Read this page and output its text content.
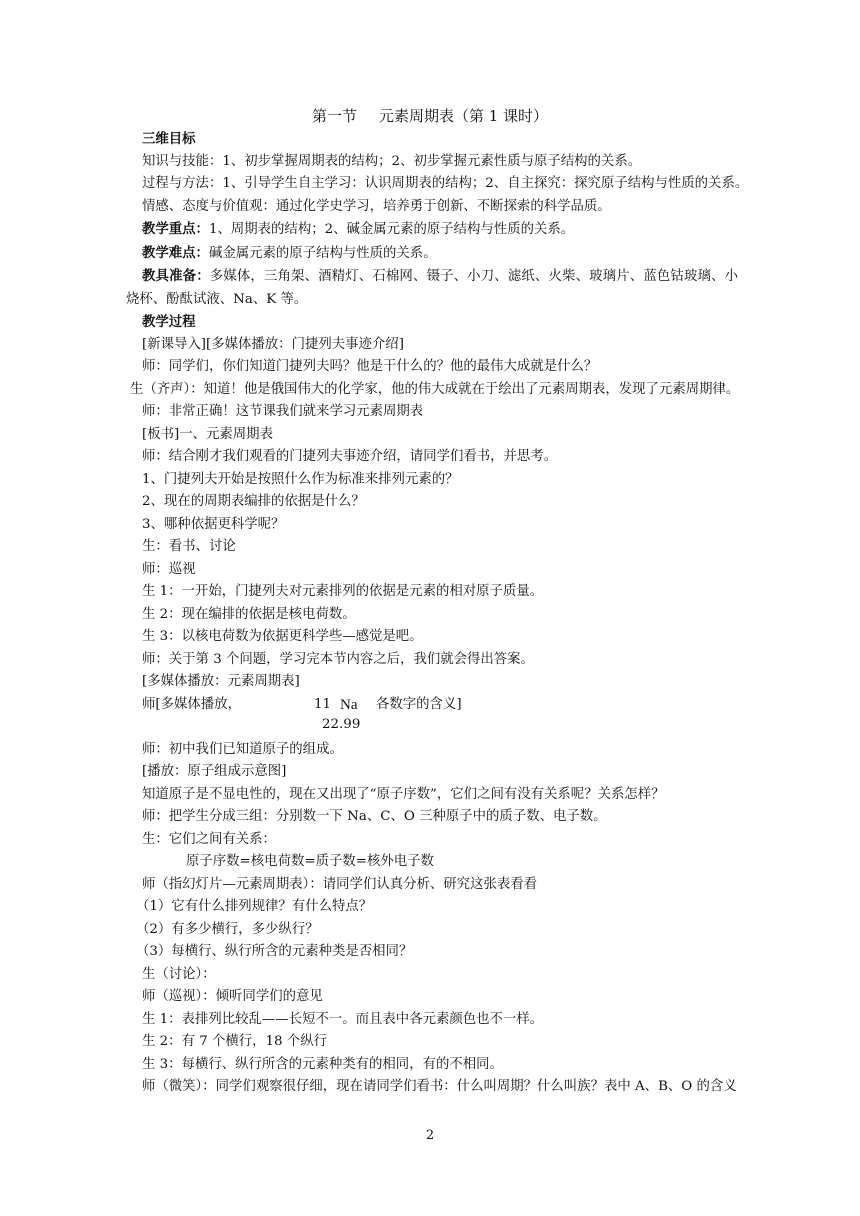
第一节 元素周期表（第 1 课时）

三维目标

知识与技能：1、初步掌握周期表的结构；2、初步掌握元素性质与原子结构的关系。

过程与方法：1、引导学生自主学习：认识周期表的结构；2、自主探究：探究原子结构与性质的关系。

情感、态度与价值观：通过化学史学习，培养勇于创新、不断探索的科学品质。

教学重点：1、周期表的结构；2、碱金属元素的原子结构与性质的关系。

教学难点：碱金属元素的原子结构与性质的关系。

教具准备：多媒体，三角架、酒精灯、石棉网、镊子、小刀、滤纸、火柴、玻璃片、蓝色钴玻璃、小烧杯、酚酞试液、Na、K 等。

教学过程

[新课导入][多媒体播放：门捷列夫事迹介绍]

师：同学们，你们知道门捷列夫吗？他是干什么的？他的最伟大成就是什么？

生（齐声）：知道！他是俄国伟大的化学家，他的伟大成就在于绘出了元素周期表，发现了元素周期律。

师：非常正确！这节课我们就来学习元素周期表

[板书]一、元素周期表

师：结合刚才我们观看的门捷列夫事迹介绍，请同学们看书，并思考。

1、门捷列夫开始是按照什么作为标准来排列元素的？

2、现在的周期表编排的依据是什么？

3、哪种依据更科学呢？

生：看书、讨论

师：巡视

生 1：一开始，门捷列夫对元素排列的依据是元素的相对原子质量。

生 2：现在编排的依据是核电荷数。

生 3：以核电荷数为依据更科学些—感觉是吧。

师：关于第 3 个问题，学习完本节内容之后，我们就会得出答案。

[多媒体播放：元素周期表]

师[多媒体播放，	11 Na 各数字的含义]
22.99

师：初中我们已知道原子的组成。

[播放：原子组成示意图]

知道原子是不显电性的，现在又出现了“原子序数”，它们之间有没有关系呢？关系怎样？

师：把学生分成三组：分别数一下 Na、C、O 三种原子中的质子数、电子数。

生：它们之间有关系：

原子序数=核电荷数=质子数=核外电子数

师（指幻灯片—元素周期表）：请同学们认真分析、研究这张表看看

（1）它有什么排列规律？有什么特点？

（2）有多少横行，多少纵行？

（3）每横行、纵行所含的元素种类是否相同？

生（讨论）：

师（巡视）：倾听同学们的意见

生 1：表排列比较乱——长短不一。而且表中各元素颜色也不一样。

生 2：有 7 个横行，18 个纵行

生 3：每横行、纵行所含的元素种类有的相同，有的不相同。

师（微笑）：同学们观察很仔细，现在请同学们看书：什么叫周期？什么叫族？表中 A、B、O 的含义

2
